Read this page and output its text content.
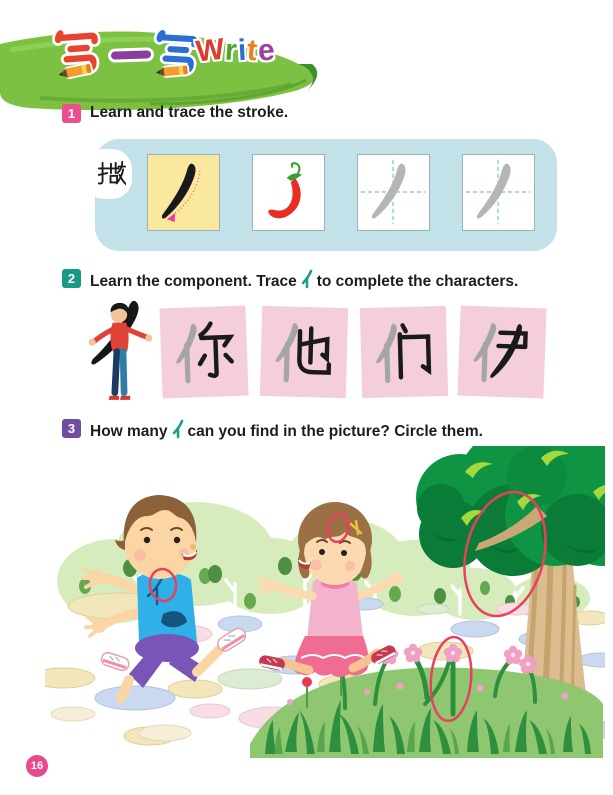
Write
1 Learn and trace the stroke.
2 Learn the component. Trace to complete the characters.
3 How many can you find in the picture? Circle them.
16
